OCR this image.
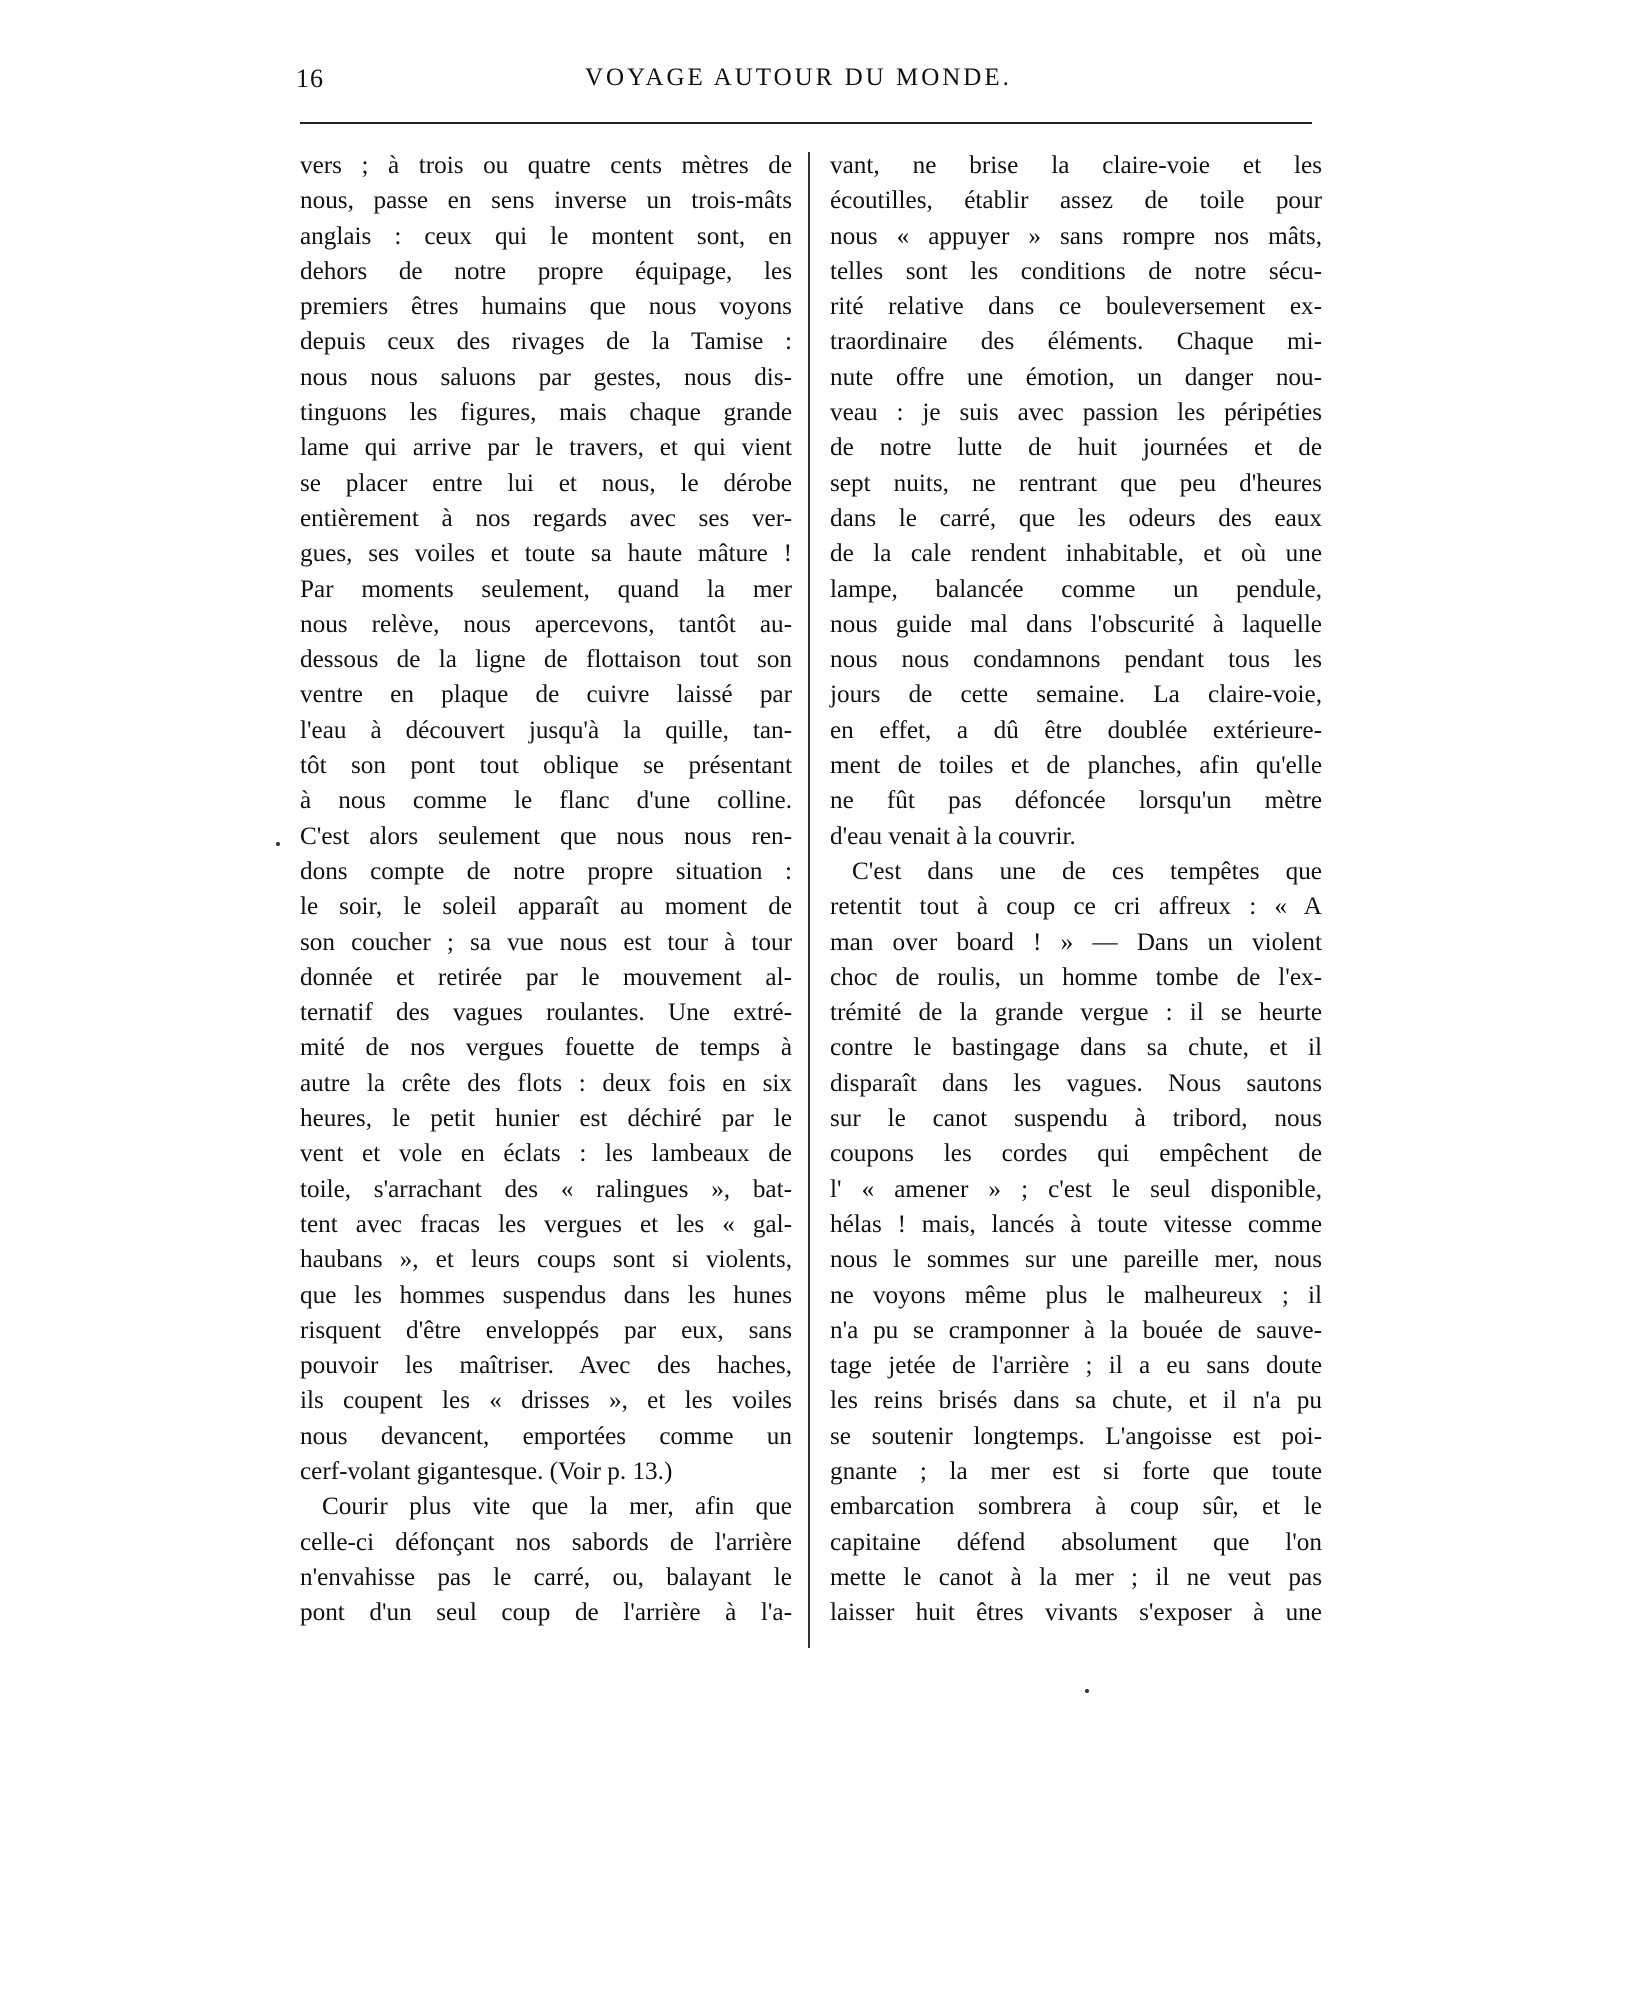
16	VOYAGE AUTOUR DU MONDE.
vers ; à trois ou quatre cents mètres de
nous, passe en sens inverse un trois-mâts
anglais : ceux qui le montent sont, en
dehors de notre propre équipage, les
premiers êtres humains que nous voyons
depuis ceux des rivages de la Tamise :
nous nous saluons par gestes, nous dis-
tinguons les figures, mais chaque grande
lame qui arrive par le travers, et qui vient
se placer entre lui et nous, le dérobe
entièrement à nos regards avec ses ver-
gues, ses voiles et toute sa haute mâture !
Par moments seulement, quand la mer
nous relève, nous apercevons, tantôt au-
dessous de la ligne de flottaison tout son
ventre en plaque de cuivre laissé par
l'eau à découvert jusqu'à la quille, tan-
tôt son pont tout oblique se présentant
à nous comme le flanc d'une colline.
C'est alors seulement que nous nous ren-
dons compte de notre propre situation :
le soir, le soleil apparaît au moment de
son coucher ; sa vue nous est tour à tour
donnée et retirée par le mouvement al-
ternatif des vagues roulantes. Une extré-
mité de nos vergues fouette de temps à
autre la crête des flots : deux fois en six
heures, le petit hunier est déchiré par le
vent et vole en éclats : les lambeaux de
toile, s'arrachant des « ralingues », bat-
tent avec fracas les vergues et les « gal-
haubans », et leurs coups sont si violents,
que les hommes suspendus dans les hunes
risquent d'être enveloppés par eux, sans
pouvoir les maîtriser. Avec des haches,
ils coupent les « drisses », et les voiles
nous devancent, emportées comme un
cerf-volant gigantesque. (Voir p. 13.)
Courir plus vite que la mer, afin que
celle-ci défonçant nos sabords de l'arrière
n'envahisse pas le carré, ou, balayant le
pont d'un seul coup de l'arrière à l'a-
vant, ne brise la claire-voie et les
écoutilles, établir assez de toile pour
nous « appuyer » sans rompre nos mâts,
telles sont les conditions de notre sécu-
rité relative dans ce bouleversement ex-
traordinaire des éléments. Chaque mi-
nute offre une émotion, un danger nou-
veau : je suis avec passion les péripéties
de notre lutte de huit journées et de
sept nuits, ne rentrant que peu d'heures
dans le carré, que les odeurs des eaux
de la cale rendent inhabitable, et où une
lampe, balancée comme un pendule,
nous guide mal dans l'obscurité à laquelle
nous nous condamnons pendant tous les
jours de cette semaine. La claire-voie,
en effet, a dû être doublée extérieure-
ment de toiles et de planches, afin qu'elle
ne fût pas défoncée lorsqu'un mètre
d'eau venait à la couvrir.
C'est dans une de ces tempêtes que
retentit tout à coup ce cri affreux : « A
man over board ! » — Dans un violent
choc de roulis, un homme tombe de l'ex-
trémité de la grande vergue : il se heurte
contre le bastingage dans sa chute, et il
disparaît dans les vagues. Nous sautons
sur le canot suspendu à tribord, nous
coupons les cordes qui empêchent de
l' « amener » ; c'est le seul disponible,
hélas ! mais, lancés à toute vitesse comme
nous le sommes sur une pareille mer, nous
ne voyons même plus le malheureux ; il
n'a pu se cramponner à la bouée de sauve-
tage jetée de l'arrière ; il a eu sans doute
les reins brisés dans sa chute, et il n'a pu
se soutenir longtemps. L'angoisse est poi-
gnante ; la mer est si forte que toute
embarcation sombrera à coup sûr, et le
capitaine défend absolument que l'on
mette le canot à la mer ; il ne veut pas
laisser huit êtres vivants s'exposer à une
